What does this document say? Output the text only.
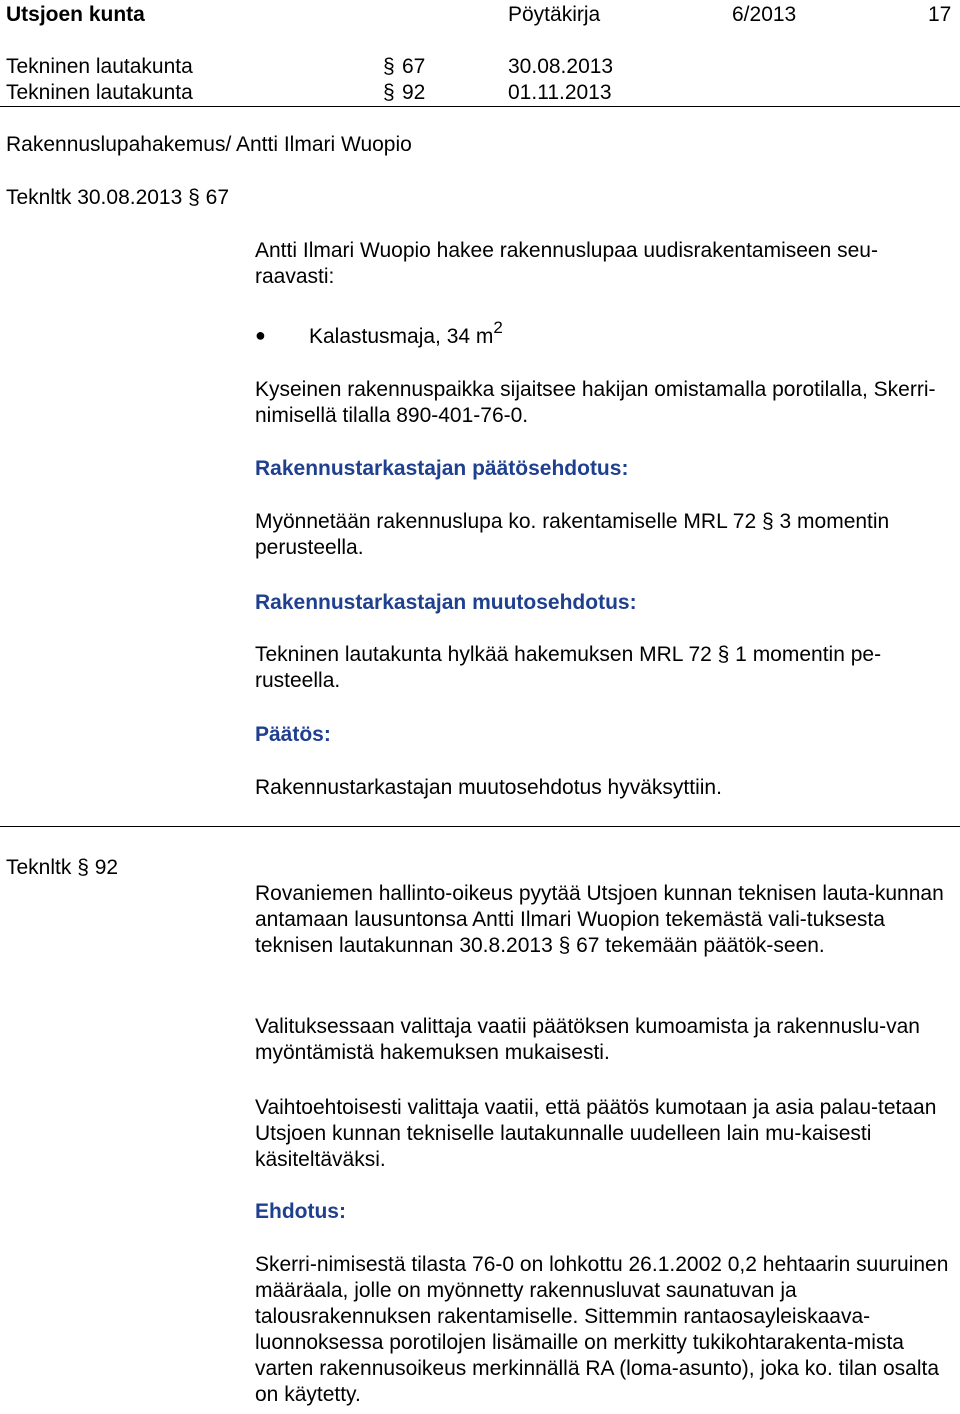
Utsjoen kunta	Pöytäkirja	6/2013	17
Tekninen lautakunta	§ 67	30.08.2013
Tekninen lautakunta	§ 92	01.11.2013
Rakennuslupahakemus/ Antti Ilmari Wuopio
Teknltk 30.08.2013 § 67
Antti Ilmari Wuopio hakee rakennuslupaa uudisrakentamiseen seu-raavasti:
● Kalastusmaja, 34 $m^2$
Kyseinen rakennuspaikka sijaitsee hakijan omistamalla porotilalla, Skerri-nimisellä tilalla 890-401-76-0.
Rakennustarkastajan päätösehdotus:
Myönnetään rakennuslupa ko. rakentamiselle MRL 72 § 3 momentin perusteella.
Rakennustarkastajan muutosehdotus:
Tekninen lautakunta hylkää hakemuksen MRL 72 § 1 momentin pe-rusteella.
Päätös:
Rakennustarkastajan muutosehdotus hyväksyttiin.
Teknltk § 92
Rovaniemen hallinto-oikeus pyytää Utsjoen kunnan teknisen lauta-kunnan antamaan lausuntonsa Antti Ilmari Wuopion tekemästä vali-tuksesta teknisen lautakunnan 30.8.2013 § 67 tekemään päätök-seen.
Valituksessaan valittaja vaatii päätöksen kumoamista ja rakennuslu-van myöntämistä hakemuksen mukaisesti.
Vaihtoehtoisesti valittaja vaatii, että päätös kumotaan ja asia palau-tetaan Utsjoen kunnan tekniselle lautakunnalle uudelleen lain mu-kaisesti käsiteltäväksi.
Ehdotus:
Skerri-nimisestä tilasta 76-0 on lohkottu 26.1.2002 0,2 hehtaarin suuruinen määräala, jolle on myönnetty rakennusluvat saunatuvan ja talousrakennuksen rakentamiselle. Sittemmin rantaosayleiskaava-luonnoksessa porotilojen lisämaille on merkitty tukikohtarakenta-mista varten rakennusoikeus merkinnällä RA (loma-asunto), joka ko. tilan osalta on käytetty.
